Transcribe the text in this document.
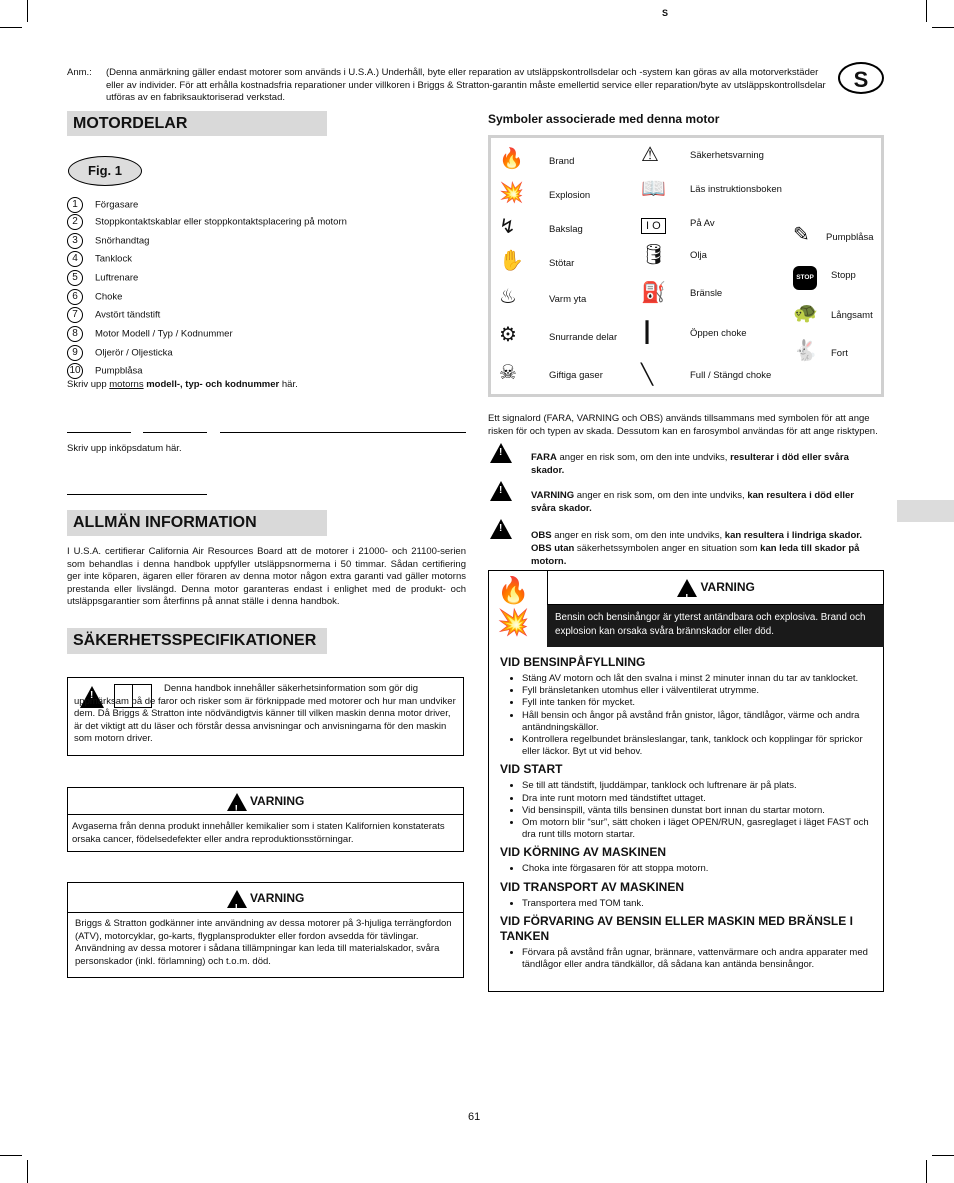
S
S
Anm.: (Denna anmärkning gäller endast motorer som används i U.S.A.) Underhåll, byte eller reparation av utsläppskontrollsdelar och -system kan göras av alla motorverkstäder eller av individer. För att erhålla kostnadsfria reparationer under villkoren i Briggs & Stratton-garantin måste emellertid service eller reparation/byte av utsläppskontrollsdelar utföras av en fabriksauktoriserad verkstad.
MOTORDELAR
Fig. 1
1 Förgasare
2 Stoppkontaktskablar eller stoppkontaktsplacering på motorn
3 Snörhandtag
4 Tanklock
5 Luftrenare
6 Choke
7 Avstört tändstift
8 Motor Modell / Typ / Kodnummer
9 Oljerör / Oljesticka
10 Pumpblåsa
Skriv upp motorns modell-, typ- och kodnummer här.
Skriv upp inköpsdatum här.
ALLMÄN INFORMATION
I U.S.A. certifierar California Air Resources Board att de motorer i 21000- och 21100-serien som behandlas i denna handbok uppfyller utsläppsnormerna i 50 timmar. Sådan certifiering ger inte köparen, ägaren eller föraren av denna motor någon extra garanti vad gäller motorns prestanda eller livslängd. Denna motor garanteras endast i enlighet med de produkt- och utsläppsgarantier som återfinns på annat ställe i denna handbok.
SÄKERHETSSPECIFIKATIONER
!
Denna handbok innehåller säkerhetsinformation som gör dig uppmärksam på de faror och risker som är förknippade med motorer och hur man undviker dem. Då Briggs & Stratton inte nödvändigtvis känner till vilken maskin denna motor driver, är det viktigt att du läser och förstår dessa anvisningar och anvisningarna för den maskin som motorn driver.
! VARNING
Avgaserna från denna produkt innehåller kemikalier som i staten Kalifornien konstaterats orsaka cancer, födelsedefekter eller andra reproduktionsstörningar.
! VARNING
Briggs & Stratton godkänner inte användning av dessa motorer på 3-hjuliga terrängfordon (ATV), motorcyklar, go-karts, flygplansprodukter eller fordon avsedda för tävlingar. Användning av dessa motorer i sådana tillämpningar kan leda till materialskador, svåra personskador (inkl. förlamning) och t.o.m. död.
Symboler associerade med denna motor
🔥	Brand
💥	Explosion
↯	Bakslag
✋	Stötar
♨	Varm yta
⚙	Snurrande delar
☠	Giftiga gaser
⚠	Säkerhetsvarning
📖	Läs instruktionsboken
I O	På Av
🛢 Olja
⛽	Bränsle
┃	Öppen choke
╲	Full / Stängd choke
✎ Pumpblåsa
STOP	Stopp
🐢 Långsamt
🐇 Fort
Ett signalord (FARA, VARNING och OBS) används tillsammans med symbolen för att ange risken för och typen av skada. Dessutom kan en farosymbol användas för att ange risktypen.
!
FARA anger en risk som, om den inte undviks, resulterar i död eller svåra skador.
!
VARNING anger en risk som, om den inte undviks, kan resultera i död eller svåra skador.
!
OBS anger en risk som, om den inte undviks, kan resultera i lindriga skador.
OBS utan säkerhetssymbolen anger en situation som kan leda till skador på motorn.
🔥
💥
! VARNING
Bensin och bensinångor är ytterst antändbara och explosiva. Brand och explosion kan orsaka svåra brännskador eller död.
VID BENSINPÅFYLLNING
• Stäng AV motorn och låt den svalna i minst 2 minuter innan du tar av tanklocket.
• Fyll bränsletanken utomhus eller i välventilerat utrymme.
• Fyll inte tanken för mycket.
• Håll bensin och ångor på avstånd från gnistor, lågor, tändlågor, värme och andra antändningskällor.
• Kontrollera regelbundet bränsleslangar, tank, tanklock och kopplingar för sprickor eller läckor. Byt ut vid behov.
VID START
• Se till att tändstift, ljuddämpar, tanklock och luftrenare är på plats.
• Dra inte runt motorn med tändstiftet uttaget.
• Vid bensinspill, vänta tills bensinen dunstat bort innan du startar motorn.
• Om motorn blir “sur”, sätt choken i läget OPEN/RUN, gasreglaget i läget FAST och dra runt tills motorn startar.
VID KÖRNING AV MASKINEN
• Choka inte förgasaren för att stoppa motorn.
VID TRANSPORT AV MASKINEN
• Transportera med TOM tank.
VID FÖRVARING AV BENSIN ELLER MASKIN MED BRÄNSLE I TANKEN
• Förvara på avstånd från ugnar, brännare, vattenvärmare och andra apparater med tändlågor eller andra tändkällor, då sådana kan antända bensinångor.
61
